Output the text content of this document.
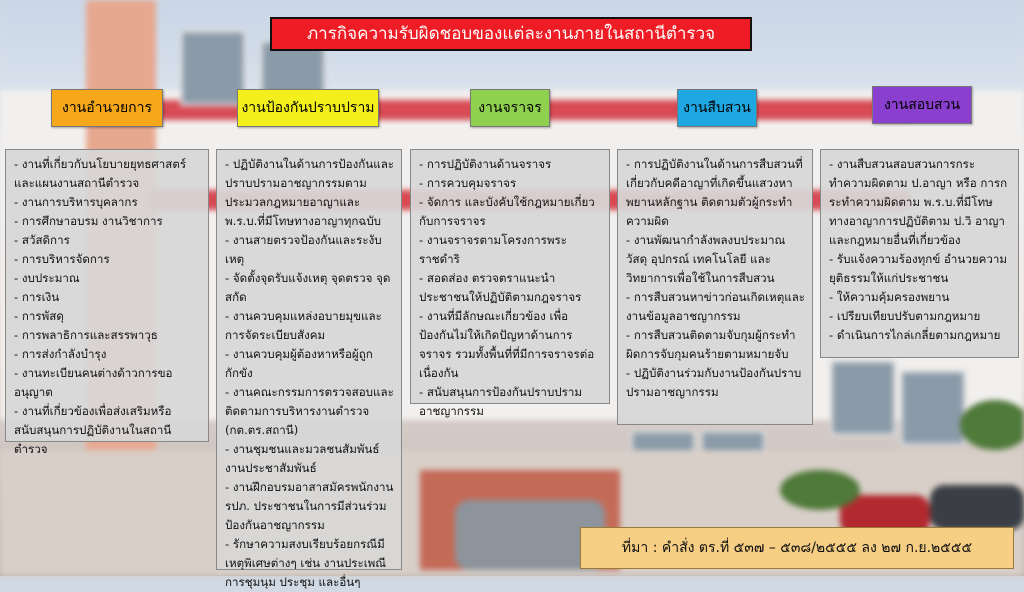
ภารกิจความรับผิดชอบของแต่ละงานภายในสถานีตำรวจ
งานอำนวยการ	งานป้องกันปราบปราม	งานจราจร	งานสืบสวน	งานสอบสวน
- งานที่เกี่ยวกับนโยบายยุทธศาสตร์และแผนงานสถานีตำรวจ
- งานการบริหารบุคลากร
- การศึกษาอบรม งานวิชาการ
- สวัสดิการ
- การบริหารจัดการ
- งบประมาณ
- การเงิน
- การพัสดุ
- การพลาธิการและสรรพาวุธ
- การส่งกำลังบำรุง
- งานทะเบียนคนต่างด้าวการขออนุญาต
- งานที่เกี่ยวข้องเพื่อส่งเสริมหรือสนับสนุนการปฏิบัติงานในสถานีตำรวจ
- ปฏิบัติงานในด้านการป้องกันและปราบปรามอาชญากรรมตามประมวลกฎหมายอาญาและ พ.ร.บ.ที่มีโทษทางอาญาทุกฉบับ
- งานสายตรวจป้องกันและระงับเหตุ
- จัดตั้งจุดรับแจ้งเหตุ จุดตรวจ จุดสกัด
- งานควบคุมแหล่งอบายมุขและการจัดระเบียบสังคม
- งานควบคุมผู้ต้องหาหรือผู้ถูกกักขัง
- งานคณะกรรมการตรวจสอบและติดตามการบริหารงานตำรวจ (กต.ตร.สถานี)
- งานชุมชนและมวลชนสัมพันธ์งานประชาสัมพันธ์
- งานฝึกอบรมอาสาสมัครพนักงาน รปภ. ประชาชนในการมีส่วนร่วมป้องกันอาชญากรรม
- รักษาความสงบเรียบร้อยกรณีมีเหตุพิเศษต่างๆ เช่น งานประเพณี การชุมนุม ประชุม และอื่นๆ
- การปฏิบัติงานด้านจราจร
- การควบคุมจราจร
- จัดการ และบังคับใช้กฎหมายเกี่ยวกับการจราจร
- งานจราจรตามโครงการพระราชดำริ
- สอดส่อง ตรวจตราแนะนำประชาชนให้ปฏิบัติตามกฎจราจร
- งานที่มีลักษณะเกี่ยวข้อง เพื่อป้องกันไม่ให้เกิดปัญหาด้านการจราจร รวมทั้งพื้นที่ที่มีการจราจรต่อเนื่องกัน
- สนับสนุนการป้องกันปราบปรามอาชญากรรม
- การปฏิบัติงานในด้านการสืบสวนที่เกี่ยวกับคดีอาญาที่เกิดขึ้นแสวงหาพยานหลักฐาน ติดตามตัวผู้กระทำความผิด
- งานพัฒนากำลังพลงบประมาณวัสดุ อุปกรณ์ เทคโนโลยี และวิทยาการเพื่อใช้ในการสืบสวน
- การสืบสวนหาข่าวก่อนเกิดเหตุและงานข้อมูลอาชญากรรม
- การสืบสวนติดตามจับกุมผู้กระทำผิดการจับกุมคนร้ายตามหมายจับ
- ปฏิบัติงานร่วมกับงานป้องกันปราบปรามอาชญากรรม
- งานสืบสวนสอบสวนการกระทำความผิดตาม ป.อาญา หรือ การกระทำความผิดตาม พ.ร.บ.ที่มีโทษทางอาญาการปฏิบัติตาม ป.วิ อาญา และกฎหมายอื่นที่เกี่ยวข้อง
- รับแจ้งความร้องทุกข์ อำนวยความยุติธรรมให้แก่ประชาชน
- ให้ความคุ้มครองพยาน
- เปรียบเทียบปรับตามกฎหมาย
- ดำเนินการไกล่เกลี่ยตามกฎหมาย
ที่มา : คำสั่ง ตร.ที่ ๕๓๗ – ๕๓๘/๒๕๕๕ ลง ๒๗ ก.ย.๒๕๕๕
